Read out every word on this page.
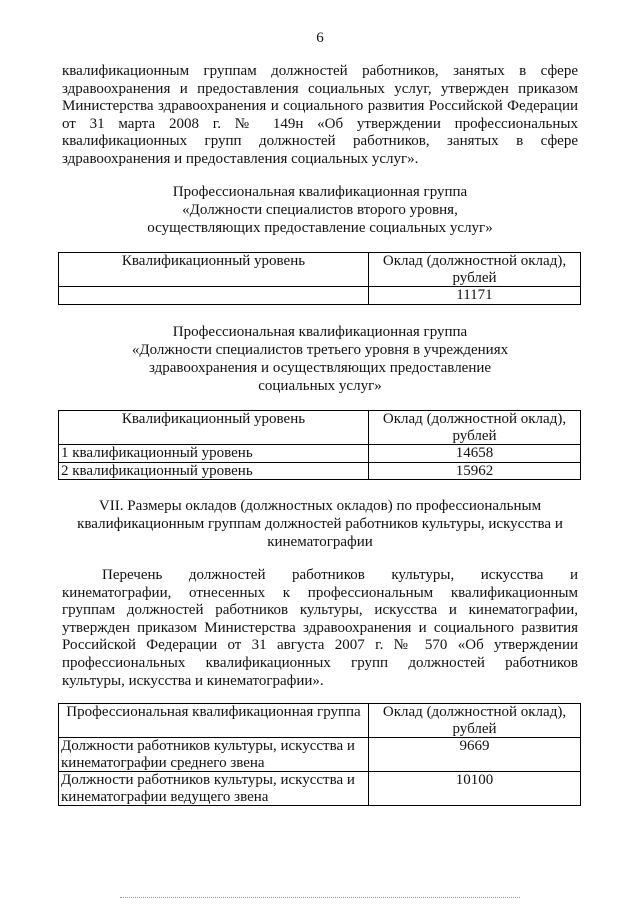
6
квалификационным группам должностей работников, занятых в сфере
здравоохранения и предоставления социальных услуг, утвержден приказом
Министерства здравоохранения и социального развития Российской Федерации
от 31 марта 2008 г. № 149н «Об утверждении профессиональных
квалификационных групп должностей работников, занятых в сфере
здравоохранения и предоставления социальных услуг».
Профессиональная квалификационная группа
«Должности специалистов второго уровня,
осуществляющих предоставление социальных услуг»
Квалификационный уровень	Оклад (должностной оклад),
рублей

	11171
Профессиональная квалификационная группа
«Должности специалистов третьего уровня в учреждениях
здравоохранения и осуществляющих предоставление
социальных услуг»
Квалификационный уровень	Оклад (должностной оклад),
рублей

1 квалификационный уровень	14658
2 квалификационный уровень	15962
VII. Размеры окладов (должностных окладов) по профессиональным
квалификационным группам должностей работников культуры, искусства и
кинематографии
Перечень должностей работников культуры, искусства и
кинематографии, отнесенных к профессиональным квалификационным
группам должностей работников культуры, искусства и кинематографии,
утвержден приказом Министерства здравоохранения и социального развития
Российской Федерации от 31 августа 2007 г. № 570 «Об утверждении
профессиональных квалификационных групп должностей работников
культуры, искусства и кинематографии».
Профессиональная квалификационная группа	Оклад (должностной оклад),
рублей

Должности работников культуры, искусства и
кинематографии среднего звена	9669

Должности работников культуры, искусства и
кинематографии ведущего звена	10100
